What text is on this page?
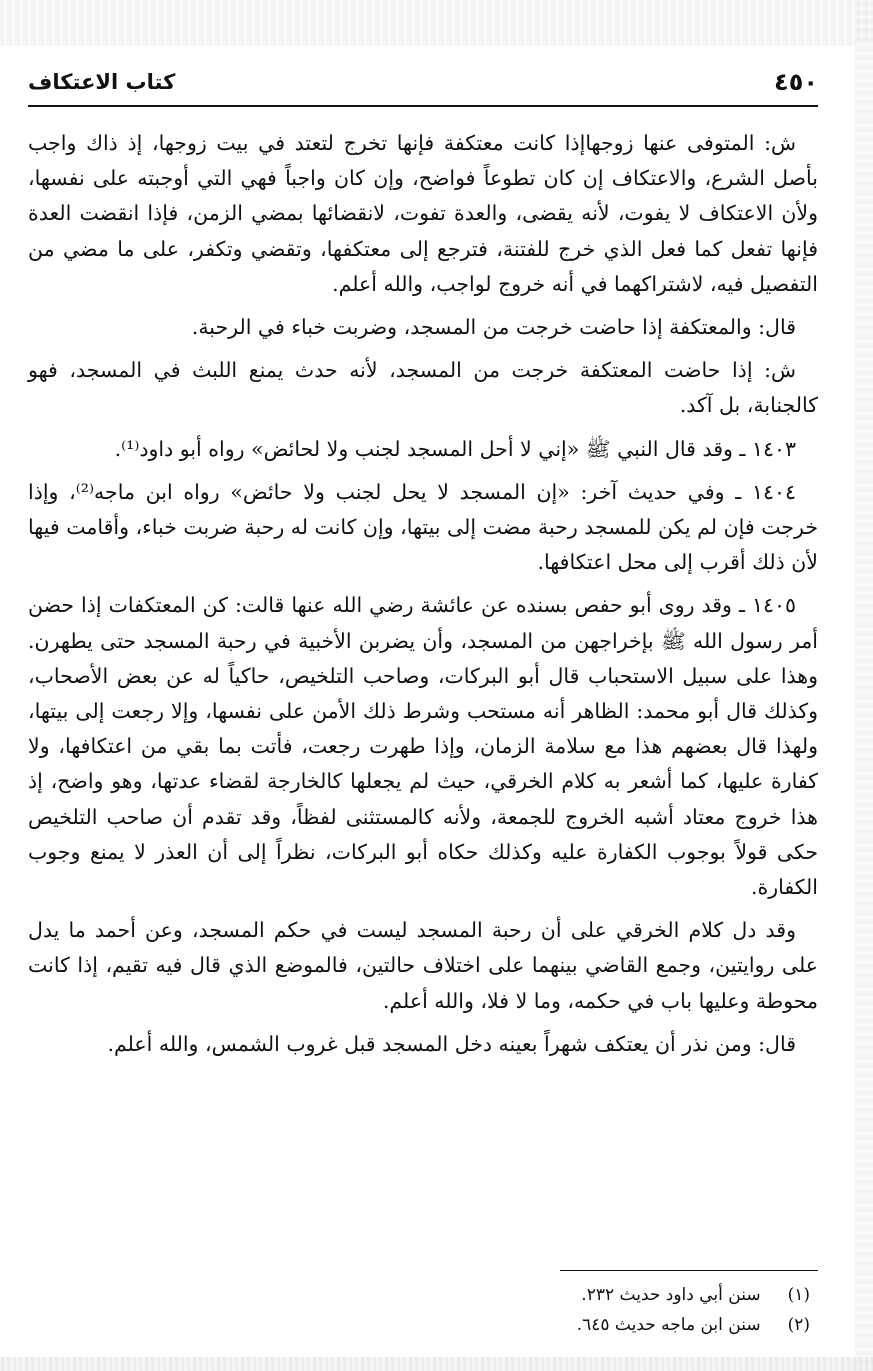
كتاب الاعتكاف	٤٥٠

ش: المتوفى عنها زوجهاإذا كانت معتكفة فإنها تخرج لتعتد في بيت زوجها، إذ ذاك واجب بأصل الشرع، والاعتكاف إن كان تطوعاً فواضح، وإن كان واجباً فهي التي أوجبته على نفسها، ولأن الاعتكاف لا يفوت، لأنه يقضى، والعدة تفوت، لانقضائها بمضي الزمن، فإذا انقضت العدة فإنها تفعل كما فعل الذي خرج للفتنة، فترجع إلى معتكفها، وتقضي وتكفر، على ما مضي من التفصيل فيه، لاشتراكهما في أنه خروج لواجب، والله أعلم.

قال: والمعتكفة إذا حاضت خرجت من المسجد، وضربت خباء في الرحبة.

ش: إذا حاضت المعتكفة خرجت من المسجد، لأنه حدث يمنع اللبث في المسجد، فهو كالجنابة، بل آكد.

١٤٠٣ ـ وقد قال النبي ﷺ «إني لا أحل المسجد لجنب ولا لحائض» رواه أبو داود⁽¹⁾.

١٤٠٤ ـ وفي حديث آخر: «إن المسجد لا يحل لجنب ولا حائض» رواه ابن ماجه⁽²⁾، وإذا خرجت فإن لم يكن للمسجد رحبة مضت إلى بيتها، وإن كانت له رحبة ضربت خباء، وأقامت فيها لأن ذلك أقرب إلى محل اعتكافها.

١٤٠٥ ـ وقد روى أبو حفص بسنده عن عائشة رضي الله عنها قالت: كن المعتكفات إذا حضن أمر رسول الله ﷺ بإخراجهن من المسجد، وأن يضربن الأخبية في رحبة المسجد حتى يطهرن. وهذا على سبيل الاستحباب قال أبو البركات، وصاحب التلخيص، حاكياً له عن بعض الأصحاب، وكذلك قال أبو محمد: الظاهر أنه مستحب وشرط ذلك الأمن على نفسها، وإلا رجعت إلى بيتها، ولهذا قال بعضهم هذا مع سلامة الزمان، وإذا طهرت رجعت، فأتت بما بقي من اعتكافها، ولا كفارة عليها، كما أشعر به كلام الخرقي، حيث لم يجعلها كالخارجة لقضاء عدتها، وهو واضح، إذ هذا خروج معتاد أشبه الخروج للجمعة، ولأنه كالمستثنى لفظاً، وقد تقدم أن صاحب التلخيص حكى قولاً بوجوب الكفارة عليه وكذلك حكاه أبو البركات، نظراً إلى أن العذر لا يمنع وجوب الكفارة.

وقد دل كلام الخرقي على أن رحبة المسجد ليست في حكم المسجد، وعن أحمد ما يدل على روايتين، وجمع القاضي بينهما على اختلاف حالتين، فالموضع الذي قال فيه تقيم، إذا كانت محوطة وعليها باب في حكمه، وما لا فلا، والله أعلم.

قال: ومن نذر أن يعتكف شهراً بعينه دخل المسجد قبل غروب الشمس، والله أعلم.

(١) سنن أبي داود حديث ٢٣٢.

(٢) سنن ابن ماجه حديث ٦٤٥.
